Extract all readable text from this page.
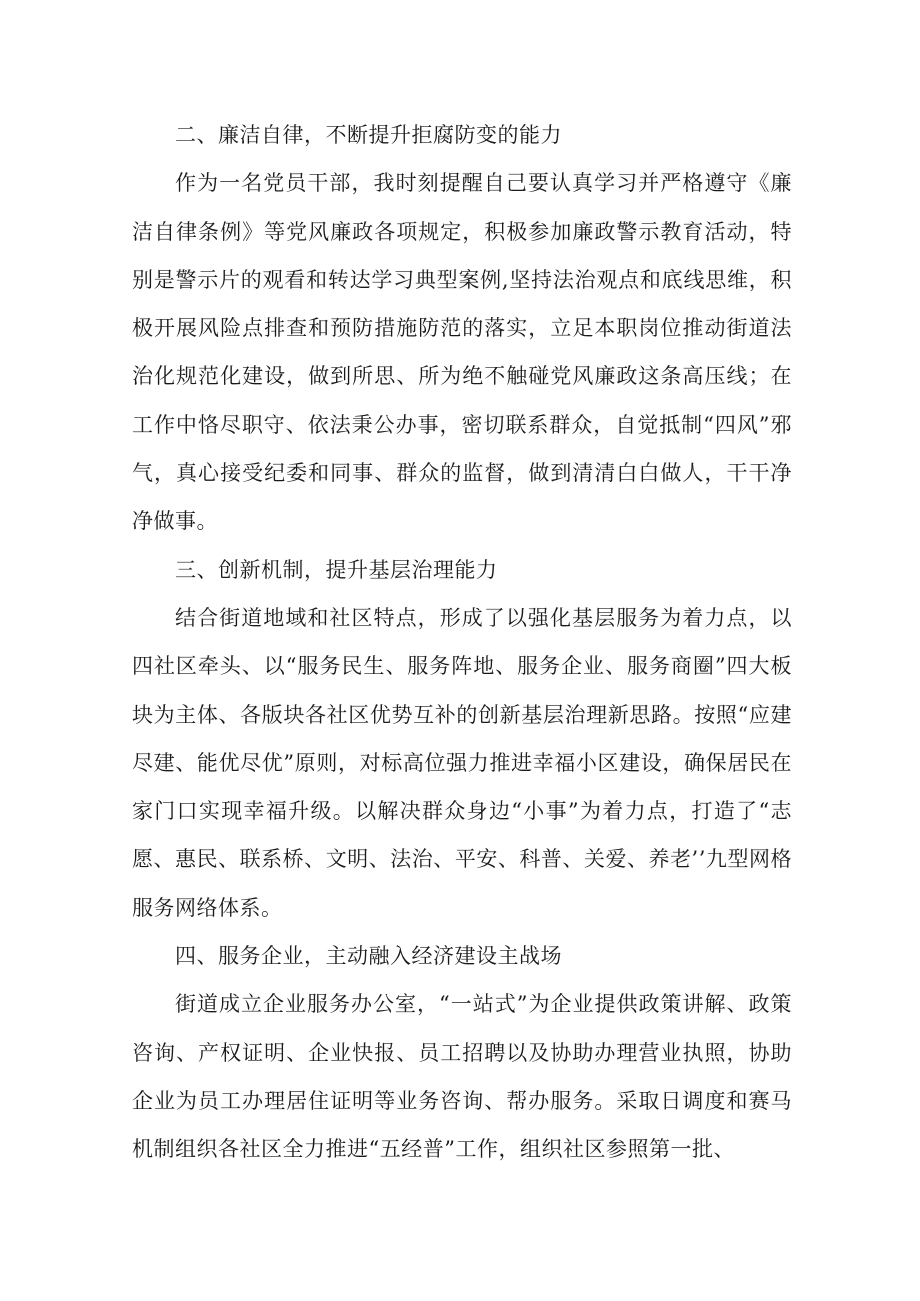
二、廉洁自律，不断提升拒腐防变的能力

作为一名党员干部，我时刻提醒自己要认真学习并严格遵守《廉洁自律条例》等党风廉政各项规定，积极参加廉政警示教育活动，特别是警示片的观看和转达学习典型案例,坚持法治观点和底线思维，积极开展风险点排查和预防措施防范的落实，立足本职岗位推动街道法治化规范化建设，做到所思、所为绝不触碰党风廉政这条高压线；在工作中恪尽职守、依法秉公办事，密切联系群众，自觉抵制“四风”邪气，真心接受纪委和同事、群众的监督，做到清清白白做人，干干净净做事。

三、创新机制，提升基层治理能力

结合街道地域和社区特点，形成了以强化基层服务为着力点，以四社区牵头、以“服务民生、服务阵地、服务企业、服务商圈”四大板块为主体、各版块各社区优势互补的创新基层治理新思路。按照“应建尽建、能优尽优”原则，对标高位强力推进幸福小区建设，确保居民在家门口实现幸福升级。以解决群众身边“小事”为着力点，打造了“志愿、惠民、联系桥、文明、法治、平安、科普、关爱、养老’’九型网格服务网络体系。

四、服务企业，主动融入经济建设主战场

街道成立企业服务办公室，“一站式”为企业提供政策讲解、政策咨询、产权证明、企业快报、员工招聘以及协助办理营业执照，协助企业为员工办理居住证明等业务咨询、帮办服务。采取日调度和赛马机制组织各社区全力推进“五经普”工作，组织社区参照第一批、
